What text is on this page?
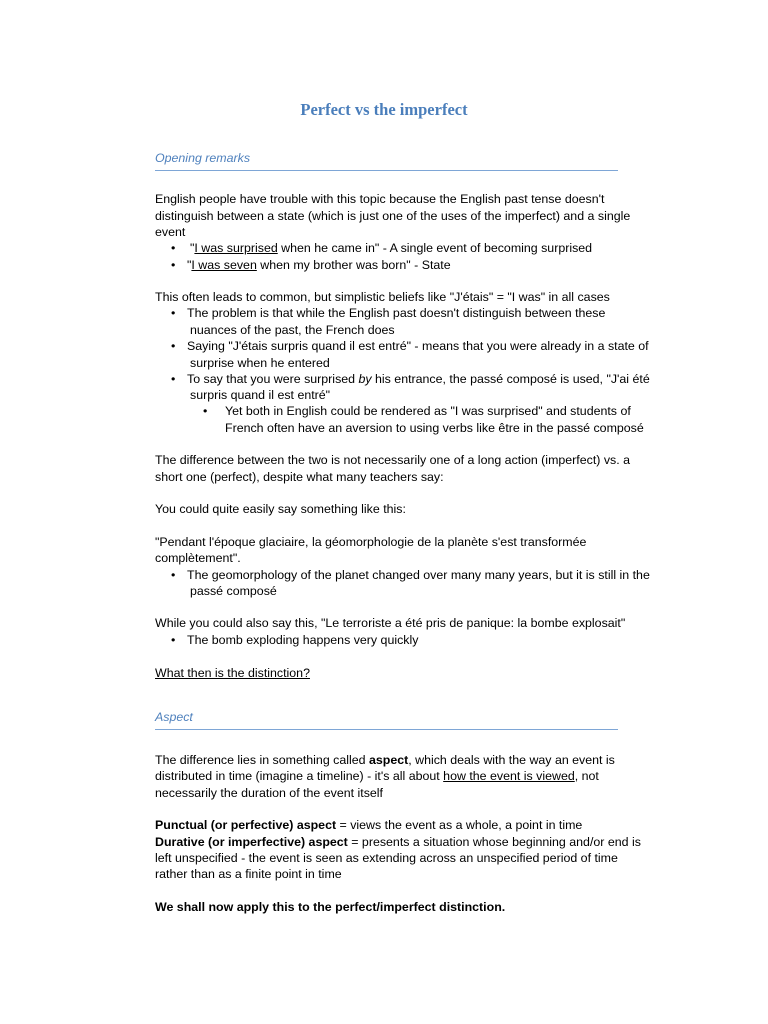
Perfect vs the imperfect
Opening remarks
English people have trouble with this topic because the English past tense doesn't
distinguish between a state (which is just one of the uses of the imperfect) and a single
event
• "I was surprised when he came in" - A single event of becoming surprised
• "I was seven when my brother was born" - State
This often leads to common, but simplistic beliefs like "J'étais" = "I was" in all cases
• The problem is that while the English past doesn't distinguish between these
nuances of the past, the French does
• Saying "J'étais surpris quand il est entré" - means that you were already in a state of
surprise when he entered
• To say that you were surprised by his entrance, the passé composé is used, "J'ai été
surpris quand il est entré"
• Yet both in English could be rendered as "I was surprised" and students of
French often have an aversion to using verbs like être in the passé composé
The difference between the two is not necessarily one of a long action (imperfect) vs. a
short one (perfect), despite what many teachers say:
You could quite easily say something like this:
"Pendant l'époque glaciaire, la géomorphologie de la planète s'est transformée
complètement".
• The geomorphology of the planet changed over many many years, but it is still in the
passé composé
While you could also say this, "Le terroriste a été pris de panique: la bombe explosait"
• The bomb exploding happens very quickly
What then is the distinction?
Aspect
The difference lies in something called aspect, which deals with the way an event is
distributed in time (imagine a timeline) - it's all about how the event is viewed, not
necessarily the duration of the event itself
Punctual (or perfective) aspect = views the event as a whole, a point in time
Durative (or imperfective) aspect = presents a situation whose beginning and/or end is
left unspecified - the event is seen as extending across an unspecified period of time
rather than as a finite point in time
We shall now apply this to the perfect/imperfect distinction.
